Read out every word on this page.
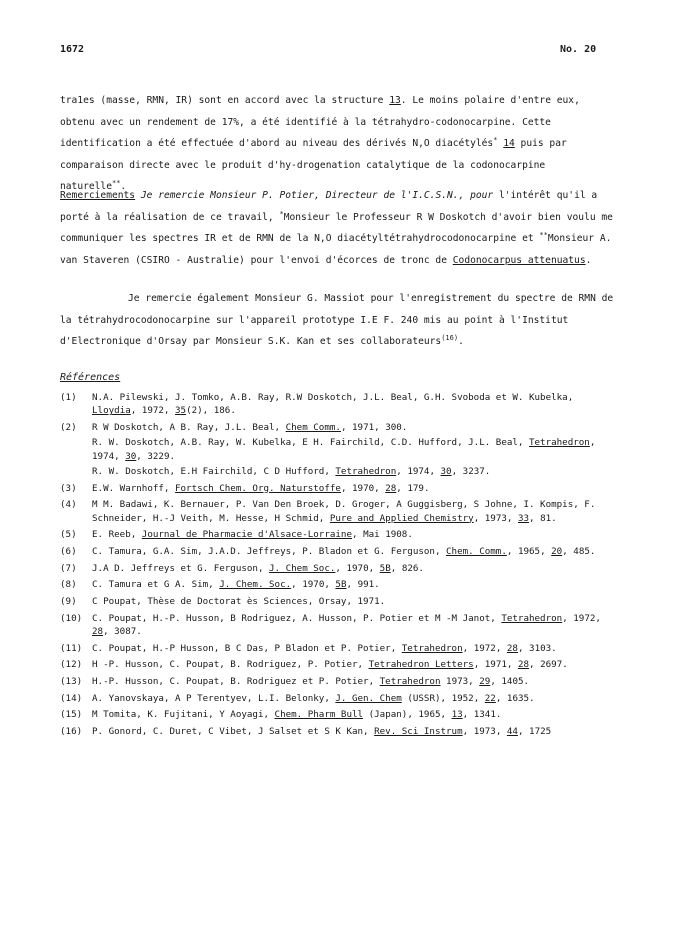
1672	No. 20
tra1es (masse, RMN, IR) sont en accord avec la structure 13. Le moins polaire d'entre eux, obtenu avec un rendement de 17%, a été identifié à la tétrahydro-codonocarpine. Cette identification a été effectuée d'abord au niveau des dérivés N,O diacétylés* 14 puis par comparaison directe avec le produit d'hy-drogenation catalytique de la codonocarpine naturelle**.
Remerciements Je remercie Monsieur P. Potier, Directeur de l'I.C.S.N., pour l'intérêt qu'il a porté à la réalisation de ce travail, *Monsieur le Professeur R W Doskotch d'avoir bien voulu me communiquer les spectres IR et de RMN de la N,O diacétyltétrahydrocodonocarpine et **Monsieur A. van Staveren (CSIRO - Australie) pour l'envoi d'écorces de tronc de Codonocarpus attenuatus.
Je remercie également Monsieur G. Massiot pour l'enregistrement du spectre de RMN de la tétrahydrocodonocarpine sur l'appareil prototype I.E F. 240 mis au point à l'Institut d'Electronique d'Orsay par Monsieur S.K. Kan et ses collaborateurs$^{(16)}$.
Références
(1)	N.A. Pilewski, J. Tomko, A.B. Ray, R.W Doskotch, J.L. Beal, G.H. Svoboda et W. Kubelka, Lloydia, 1972, 35(2), 186.
(2)	R W Doskotch, A B. Ray, J.L. Beal, Chem Comm., 1971, 300.
R. W. Doskotch, A.B. Ray, W. Kubelka, E H. Fairchild, C.D. Hufford, J.L. Beal, Tetrahedron, 1974, 30, 3229.
R. W. Doskotch, E.H Fairchild, C D Hufford, Tetrahedron, 1974, 30, 3237.
(3)	E.W. Warnhoff, Fortsch Chem. Org. Naturstoffe, 1970, 28, 179.
(4)	M M. Badawi, K. Bernauer, P. Van Den Broek, D. Groger, A Guggisberg, S Johne, I. Kompis, F. Schneider, H.-J Veith, M. Hesse, H Schmid, Pure and Applied Chemistry, 1973, 33, 81.
(5)	E. Reeb, Journal de Pharmacie d'Alsace-Lorraine, Mai 1908.
(6)	C. Tamura, G.A. Sim, J.A.D. Jeffreys, P. Bladon et G. Ferguson, Chem. Comm., 1965, 20, 485.
(7)	J.A D. Jeffreys et G. Ferguson, J. Chem Soc., 1970, 5B, 826.
(8)	C. Tamura et G A. Sim, J. Chem. Soc., 1970, 5B, 991.
(9)	C Poupat, Thèse de Doctorat ès Sciences, Orsay, 1971.
(10)	C. Poupat, H.-P. Husson, B Rodriguez, A. Husson, P. Potier et M -M Janot, Tetrahedron, 1972, 28, 3087.
(11)	C. Poupat, H.-P Husson, B C Das, P Bladon et P. Potier, Tetrahedron, 1972, 28, 3103.
(12)	H -P. Husson, C. Poupat, B. Rodriguez, P. Potier, Tetrahedron Letters, 1971, 28, 2697.
(13)	H.-P. Husson, C. Poupat, B. Rodriguez et P. Potier, Tetrahedron 1973, 29, 1405.
(14)	A. Yanovskaya, A P Terentyev, L.I. Belonky, J. Gen. Chem (USSR), 1952, 22, 1635.
(15)	M Tomita, K. Fujitani, Y Aoyagi, Chem. Pharm Bull (Japan), 1965, 13, 1341.
(16)	P. Gonord, C. Duret, C Vibet, J Salset et S K Kan, Rev. Sci Instrum, 1973, 44, 1725
